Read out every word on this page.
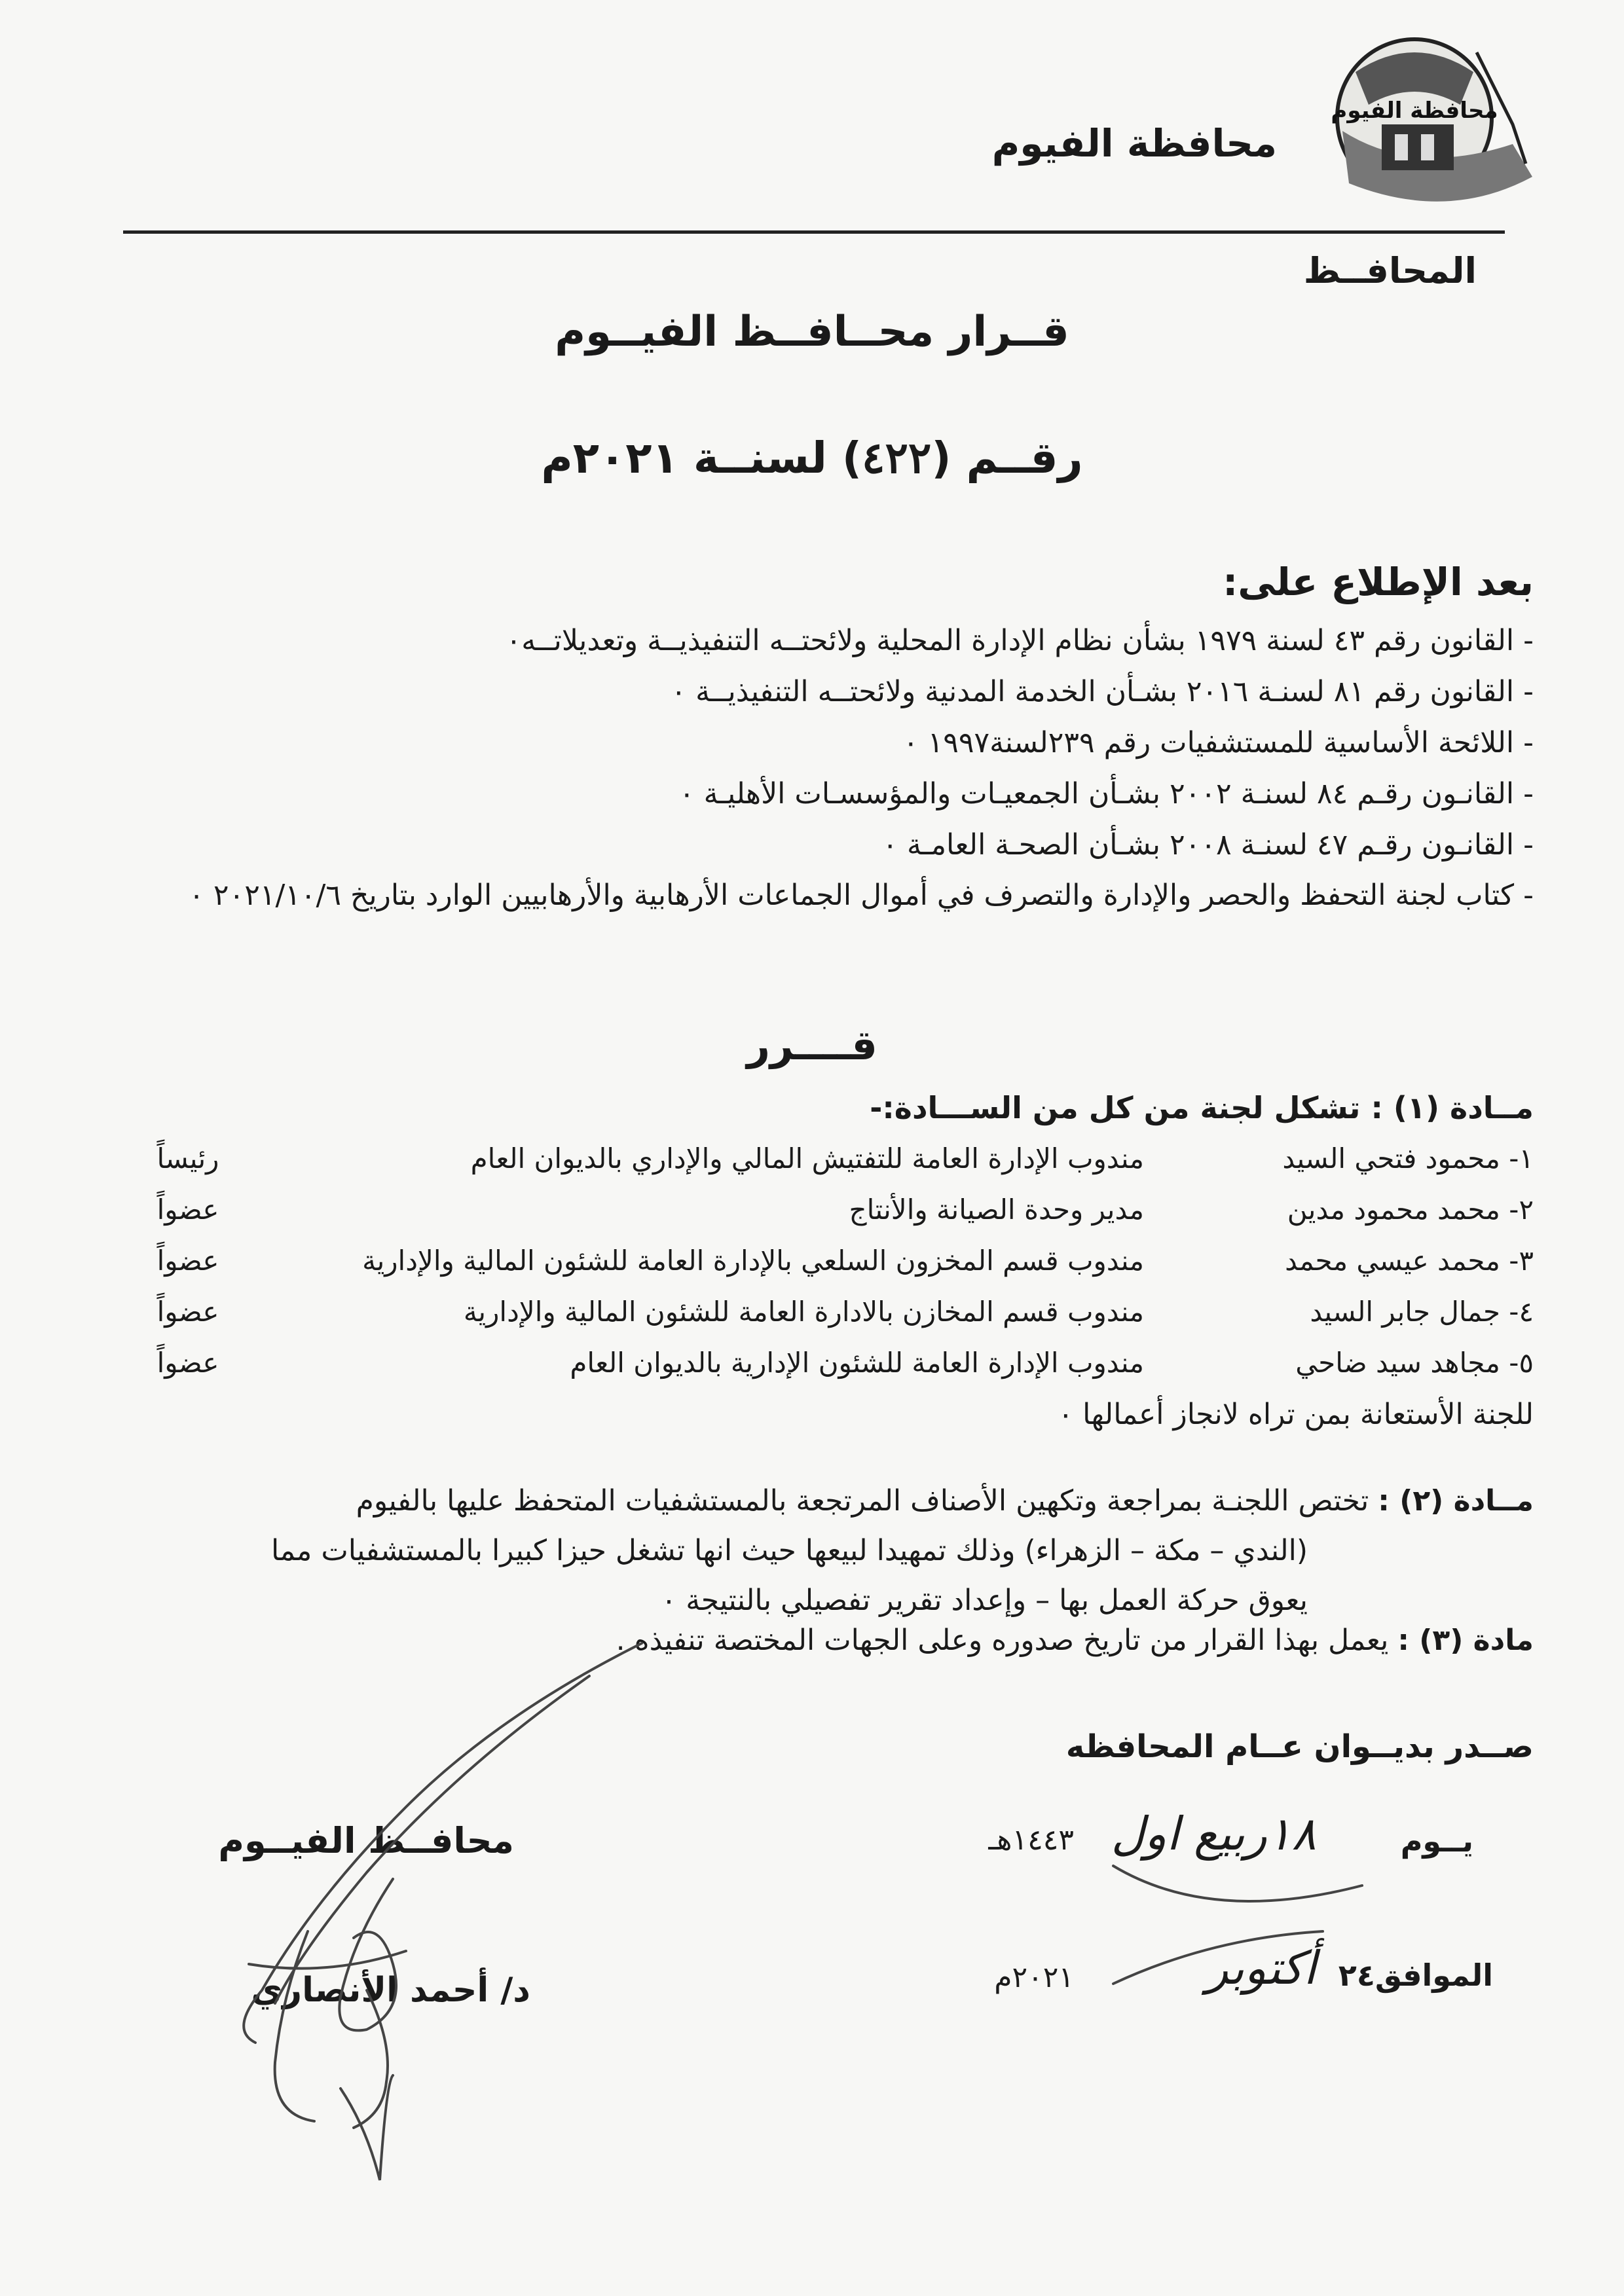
محافظة الفيوم
محافظة الفيوم
المحافــظ
قــرار محــافــظ الفيــوم
رقــم (٤٢٢) لسنــة ٢٠٢١م
بعد الإطلاع على:
- القانون رقم ٤٣ لسنة ١٩٧٩ بشأن نظام الإدارة المحلية ولائحتــه التنفيذيــة وتعديلاتــه٠
- القانون رقم ٨١ لسنـة ٢٠١٦ بشـأن الخدمة المدنية ولائحتــه التنفيذيــة ٠
- اللائحة الأساسية للمستشفيات رقم ٢٣٩لسنة١٩٩٧ ٠
- القانـون رقـم ٨٤ لسنـة ٢٠٠٢ بشـأن الجمعيـات والمؤسسـات الأهليـة ٠
- القانـون رقـم ٤٧ لسنـة ٢٠٠٨ بشـأن الصحـة العامـة ٠
- كتاب لجنة التحفظ والحصر والإدارة والتصرف في أموال الجماعات الأرهابية والأرهابيين الوارد بتاريخ ٢٠٢١/١٠/٦ ٠
قــــرر
مــادة (١) : تشكل لجنة من كل من الســـادة:-
١- محمود فتحي السيد
مندوب الإدارة العامة للتفتيش المالي والإداري بالديوان العام
رئيساً
٢- محمد محمود مدين
مدير وحدة الصيانة والأنتاج
عضواً
٣- محمد عيسي محمد
مندوب قسم المخزون السلعي بالإدارة العامة للشئون المالية والإدارية
عضواً
٤- جمال جابر السيد
مندوب قسم المخازن بالادارة العامة للشئون المالية والإدارية
عضواً
٥- مجاهد سيد ضاحي
مندوب الإدارة العامة للشئون الإدارية بالديوان العام
عضواً
للجنة الأستعانة بمن تراه لانجاز أعمالها ٠
مــادة (٢) : تختص اللجنـة بمراجعة وتكهين الأصناف المرتجعة بالمستشفيات المتحفظ عليها بالفيوم
(الندي – مكة – الزهراء) وذلك تمهيدا لبيعها حيث انها تشغل حيزا كبيرا بالمستشفيات مما
يعوق حركة العمل بها – وإعداد تقرير تفصيلي بالنتيجة ٠
مادة (٣) : يعمل بهذا القرار من تاريخ صدوره وعلى الجهات المختصة تنفيذه .
صــدر بديــوان عــام المحافظه
يــوم
١٨ربيع اول
١٤٤٣هـ
الموافق٢٤
أكتوبر
٢٠٢١م
محافــظ الفيــوم
د/ أحمد الأنصاري
